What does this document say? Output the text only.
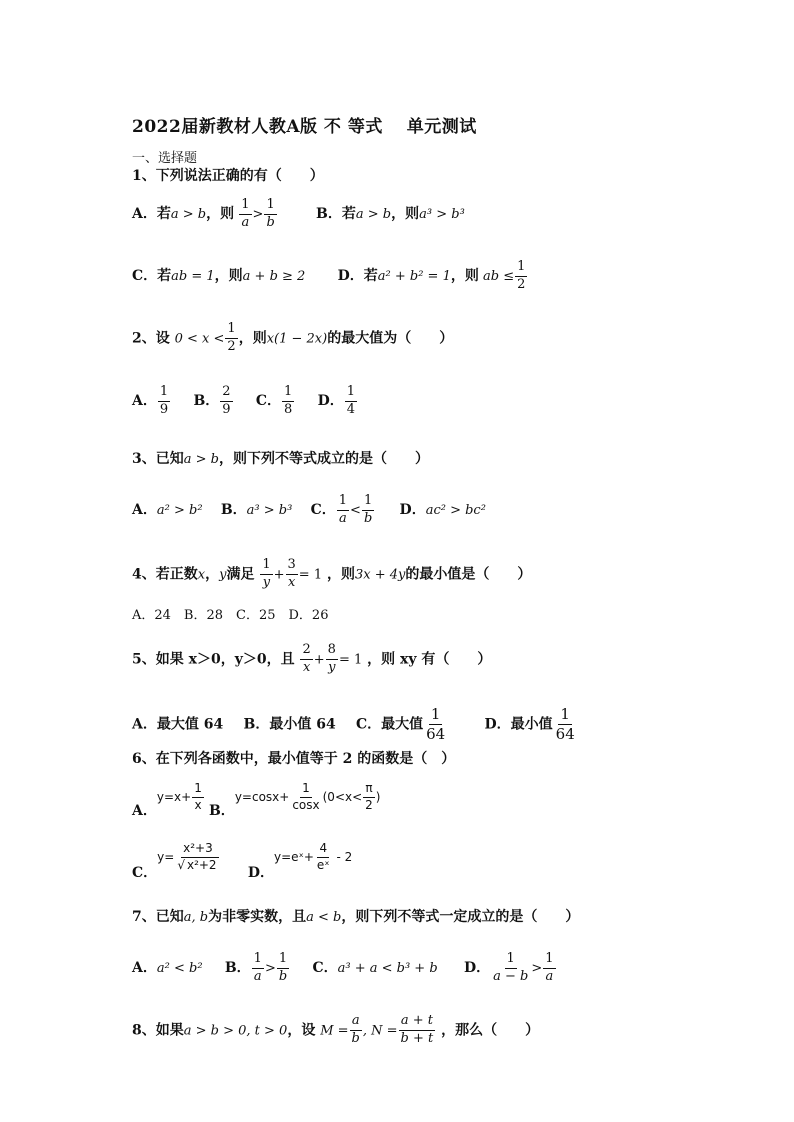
2022届新教材人教A版 不 等式　 单元测试
一、选择题
1、下列说法正确的有（　　）
A．若a > b，则 $\frac{1}{a} > \frac{1}{b}$	B．若a > b，则a³ > b³
C．若ab = 1，则a + b ≥ 2 D．若a² + b² = 1，则 ab ≤ $\frac{1}{2}$
2、设 $0 < x < \frac{1}{2}$ ，则x(1 − 2x)的最大值为（　　）
A． $\frac{1}{9}$ B． $\frac{2}{9}$ C． $\frac{1}{8}$ D． $\frac{1}{4}$
3、已知a > b，则下列不等式成立的是（　　）
A．a² > b² B．a³ > b³ C． $\frac{1}{a} < \frac{1}{b}$ D．ac² > bc²
4、若正数x，y满足 $\frac{1}{y} + \frac{3}{x} = 1$ ，则3x + 4y的最小值是（　　）
A．24　B．28　C．25　D．26
5、如果 x＞0，y＞0，且 $\frac{2}{x} + \frac{8}{y} = 1$ ，则 xy 有（　　）
A．最大值 64 B．最小值 64 C．最大值 $\frac{1}{64}$	D．最小值 $\frac{1}{64}$
6、在下列各函数中，最小值等于 2 的函数是（　）
A．$y=x+ \frac{1}{x}$ B．$y=\cos x+ \frac{1}{\cos x} (0<x< \frac{\pi}{2}$ )
C．$y= \frac{\text{x²+3}}{\text{√ x²+2}}$
D．y=eˣ+ $\frac{4}{\text{eˣ}} - 2$
7、已知a, b为非零实数，且a < b，则下列不等式一定成立的是（　　）
A．a² < b² B． $\frac{1}{a} > \frac{1}{b}$ C．a³ + a < b³ + b D． $\frac{1}{a - b} > \frac{1}{a}$
8、如果a > b > 0, t > 0，设 $M = \frac{a}{b}$ , $N = \frac{a + t}{b + t}$ ，那么（　　）
